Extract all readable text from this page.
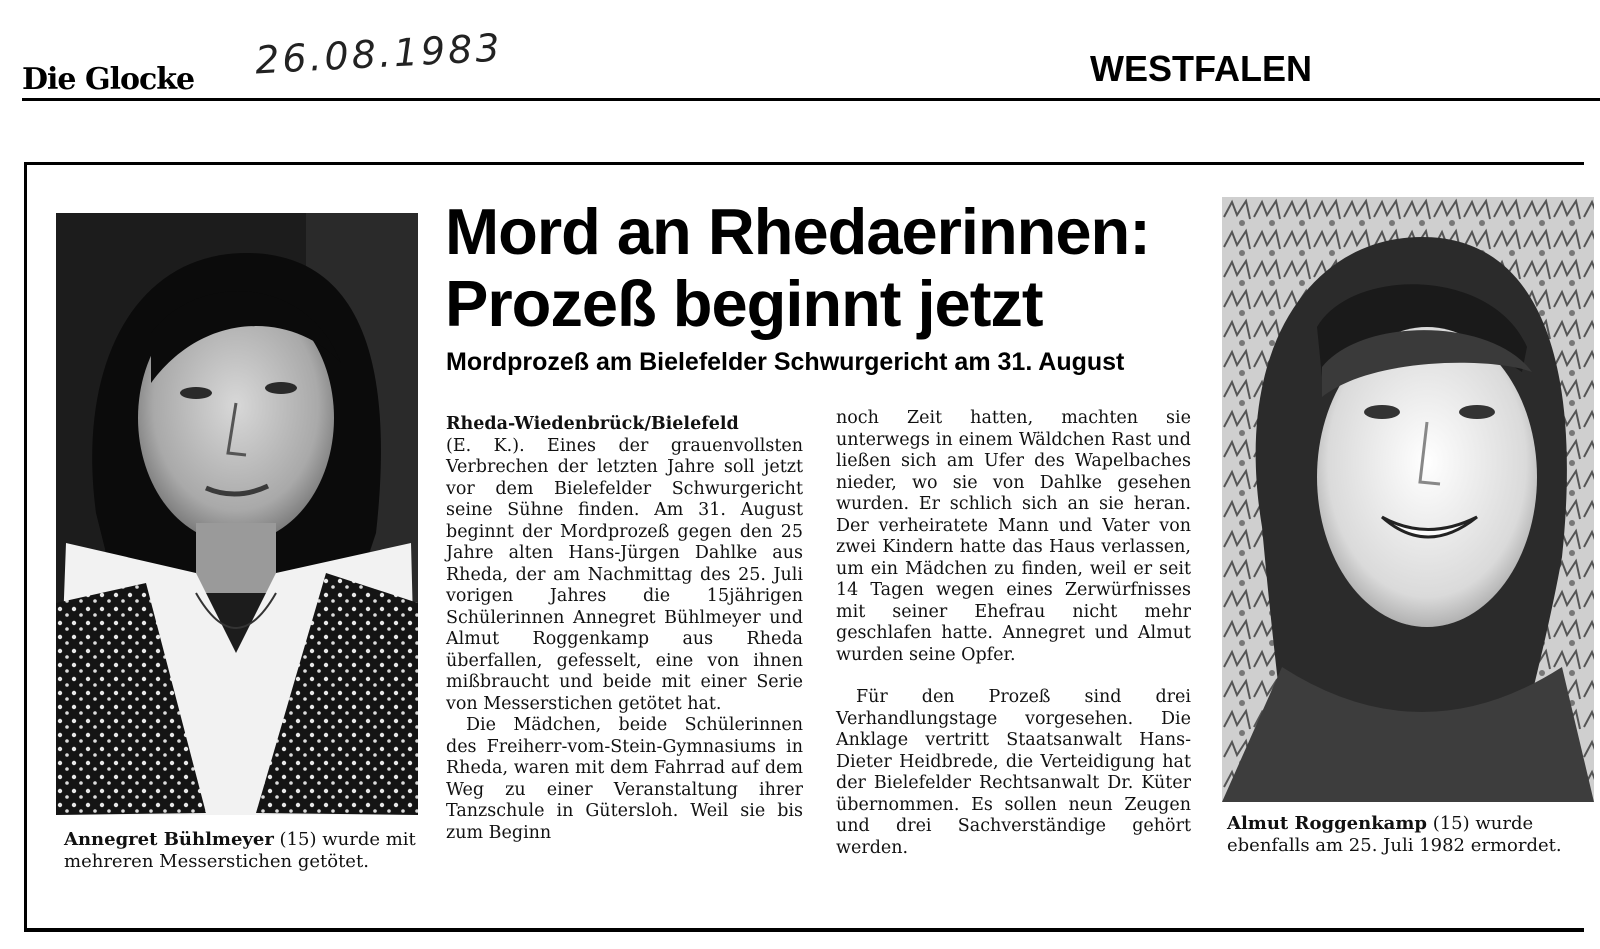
Die Glocke 26.08.1983	WESTFALEN
Mord an Rhedaerinnen:
Prozeß beginnt jetzt
Mordprozeß am Bielefelder Schwurgericht am 31. August
Rheda-Wiedenbrück/Bielefeld

(E. K.). Eines der grauenvollsten Verbrechen der letzten Jahre soll jetzt vor dem Bielefelder Schwurgericht seine Sühne finden. Am 31. August beginnt der Mordprozeß gegen den 25 Jahre alten Hans-Jürgen Dahlke aus Rheda, der am Nachmittag des 25. Juli vorigen Jahres die 15jährigen Schülerinnen Annegret Bühlmeyer und Almut Roggenkamp aus Rheda überfallen, gefesselt, eine von ihnen mißbraucht und beide mit einer Serie von Messerstichen getötet hat.

Die Mädchen, beide Schülerinnen des Freiherr-vom-Stein-Gymnasiums in Rheda, waren mit dem Fahrrad auf dem Weg zu einer Veranstaltung ihrer Tanzschule in Gütersloh. Weil sie bis zum Beginn

noch Zeit hatten, machten sie unterwegs in einem Wäldchen Rast und ließen sich am Ufer des Wapelbaches nieder, wo sie von Dahlke gesehen wurden. Er schlich sich an sie heran. Der verheiratete Mann und Vater von zwei Kindern hatte das Haus verlassen, um ein Mädchen zu finden, weil er seit 14 Tagen wegen eines Zerwürfnisses mit seiner Ehefrau nicht mehr geschlafen hatte. Annegret und Almut wurden seine Opfer.

Für den Prozeß sind drei Verhandlungstage vorgesehen. Die Anklage vertritt Staatsanwalt Hans-Dieter Heidbrede, die Verteidigung hat der Bielefelder Rechtsanwalt Dr. Küter übernommen. Es sollen neun Zeugen und drei Sachverständige gehört werden.

Annegret Bühlmeyer (15) wurde mit mehreren Messerstichen getötet.
Almut Roggenkamp (15) wurde ebenfalls am 25. Juli 1982 ermordet.
